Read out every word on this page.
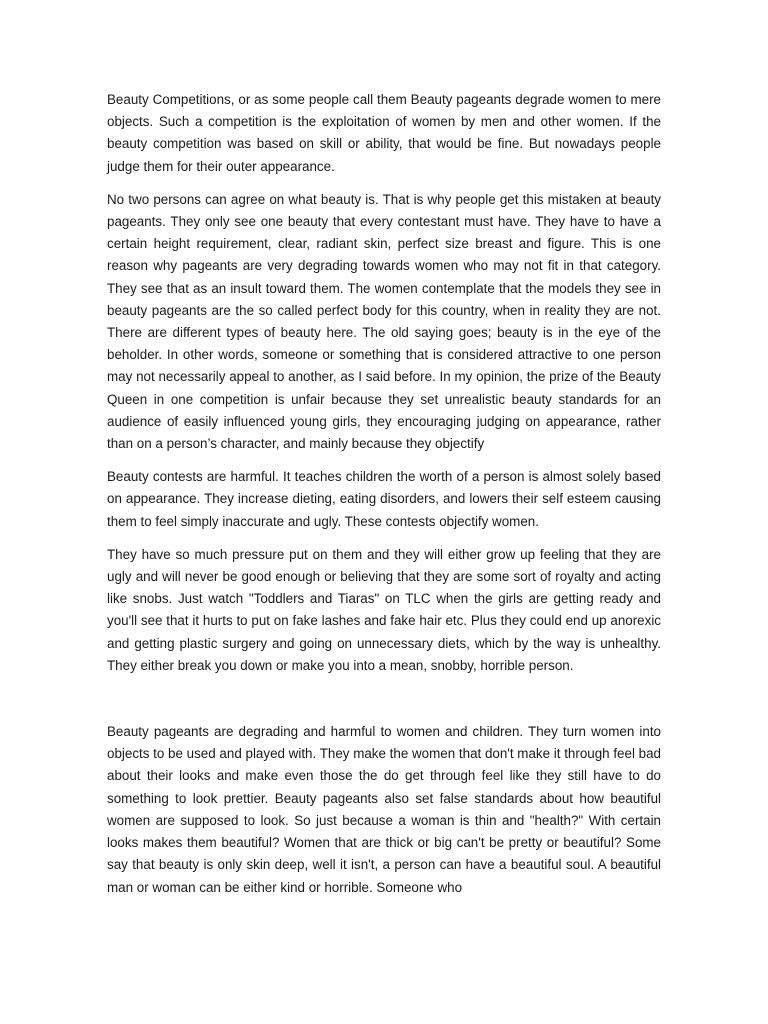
Beauty Competitions, or as some people call them Beauty pageants degrade women to mere objects. Such a competition is the exploitation of women by men and other women. If the beauty competition was based on skill or ability, that would be fine. But nowadays people judge them for their outer appearance.

No two persons can agree on what beauty is. That is why people get this mistaken at beauty pageants. They only see one beauty that every contestant must have. They have to have a certain height requirement, clear, radiant skin, perfect size breast and figure. This is one reason why pageants are very degrading towards women who may not fit in that category. They see that as an insult toward them. The women contemplate that the models they see in beauty pageants are the so called perfect body for this country, when in reality they are not. There are different types of beauty here. The old saying goes; beauty is in the eye of the beholder. In other words, someone or something that is considered attractive to one person may not necessarily appeal to another, as I said before. In my opinion, the prize of the Beauty Queen in one competition is unfair because they set unrealistic beauty standards for an audience of easily influenced young girls, they encouraging judging on appearance, rather than on a person’s character, and mainly because they objectify

Beauty contests are harmful. It teaches children the worth of a person is almost solely based on appearance. They increase dieting, eating disorders, and lowers their self esteem causing them to feel simply inaccurate and ugly. These contests objectify women.

They have so much pressure put on them and they will either grow up feeling that they are ugly and will never be good enough or believing that they are some sort of royalty and acting like snobs. Just watch "Toddlers and Tiaras" on TLC when the girls are getting ready and you'll see that it hurts to put on fake lashes and fake hair etc. Plus they could end up anorexic and getting plastic surgery and going on unnecessary diets, which by the way is unhealthy. They either break you down or make you into a mean, snobby, horrible person.

Beauty pageants are degrading and harmful to women and children. They turn women into objects to be used and played with. They make the women that don't make it through feel bad about their looks and make even those the do get through feel like they still have to do something to look prettier. Beauty pageants also set false standards about how beautiful women are supposed to look. So just because a woman is thin and "health?" With certain looks makes them beautiful? Women that are thick or big can't be pretty or beautiful? Some say that beauty is only skin deep, well it isn't, a person can have a beautiful soul. A beautiful man or woman can be either kind or horrible. Someone who
